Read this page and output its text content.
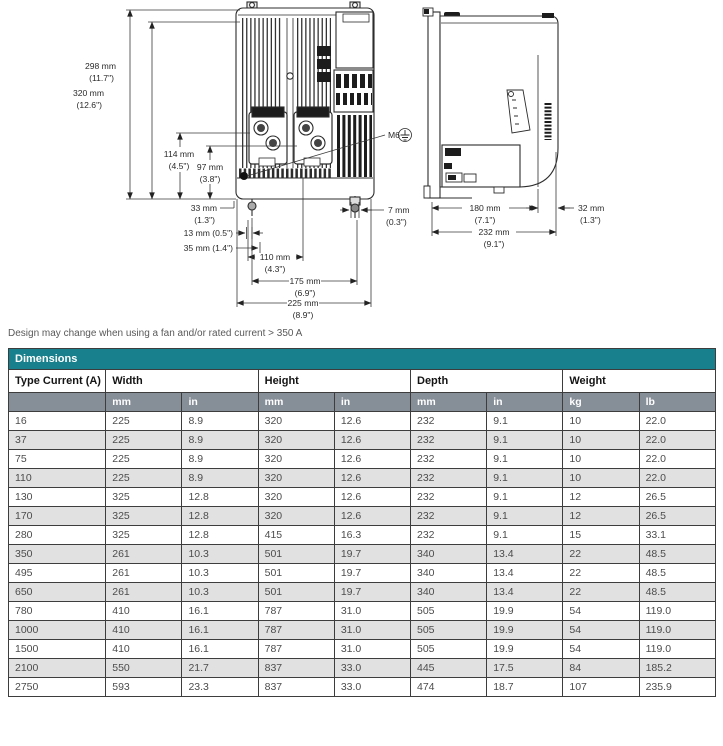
298 mm
(11.7")
320 mm
(12.6")
114 mm
(4.5") 97 mm
(3.8")
33 mm
(1.3")
13 mm (0.5")
35 mm (1.4")
110 mm
(4.3")
175 mm
(6.9")
225 mm
(8.9")
7 mm
(0.3")
M6
180 mm
(7.1")
32 mm
(1.3")
232 mm
(9.1")
Design may change when using a fan and/or rated current > 350 A
Dimensions								
Type Current (A)	Width		Height		Depth		Weight	
	mm	in	mm	in	mm	in	kg	lb
16	225	8.9	320	12.6	232	9.1	10	22.0
37	225	8.9	320	12.6	232	9.1	10	22.0
75	225	8.9	320	12.6	232	9.1	10	22.0
110	225	8.9	320	12.6	232	9.1	10	22.0
130	325	12.8	320	12.6	232	9.1	12	26.5
170	325	12.8	320	12.6	232	9.1	12	26.5
280	325	12.8	415	16.3	232	9.1	15	33.1
350	261	10.3	501	19.7	340	13.4	22	48.5
495	261	10.3	501	19.7	340	13.4	22	48.5
650	261	10.3	501	19.7	340	13.4	22	48.5
780	410	16.1	787	31.0	505	19.9	54	119.0
1000	410	16.1	787	31.0	505	19.9	54	119.0
1500	410	16.1	787	31.0	505	19.9	54	119.0
2100	550	21.7	837	33.0	445	17.5	84	185.2
2750	593	23.3	837	33.0	474	18.7	107	235.9
